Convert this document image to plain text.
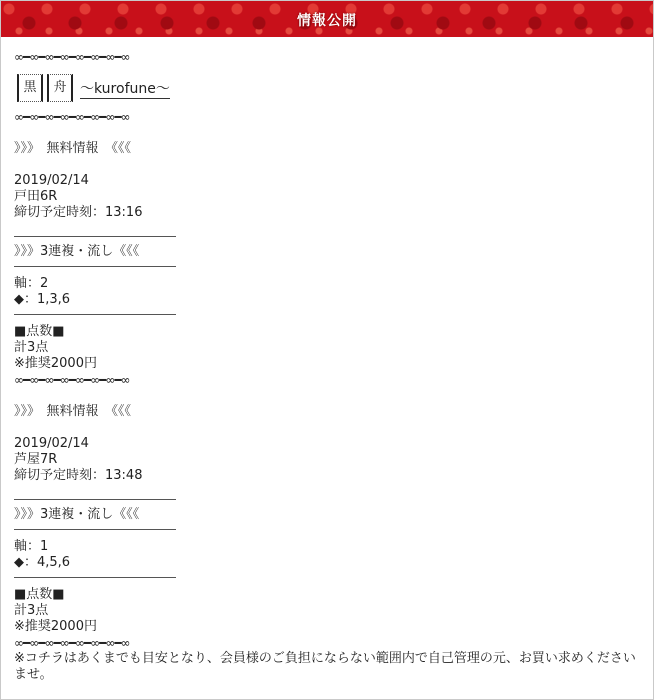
情報公開
∞━∞━∞━∞━∞━∞━∞━∞
黒 舟 〜kurofune〜
∞━∞━∞━∞━∞━∞━∞━∞
》》》　無料情報　《《《
2019/02/14
戸田6R
締切予定時刻：13:16
》》》3連複・流し《《《
軸：2
◆：1,3,6
■点数■
計3点
※推奨2000円
∞━∞━∞━∞━∞━∞━∞━∞
》》》　無料情報　《《《
2019/02/14
芦屋7R
締切予定時刻：13:48
》》》3連複・流し《《《
軸：1
◆：4,5,6
■点数■
計3点
※推奨2000円
∞━∞━∞━∞━∞━∞━∞━∞
※コチラはあくまでも目安となり、会員様のご負担にならない範囲内で自己管理の元、お買い求めくださいませ。
